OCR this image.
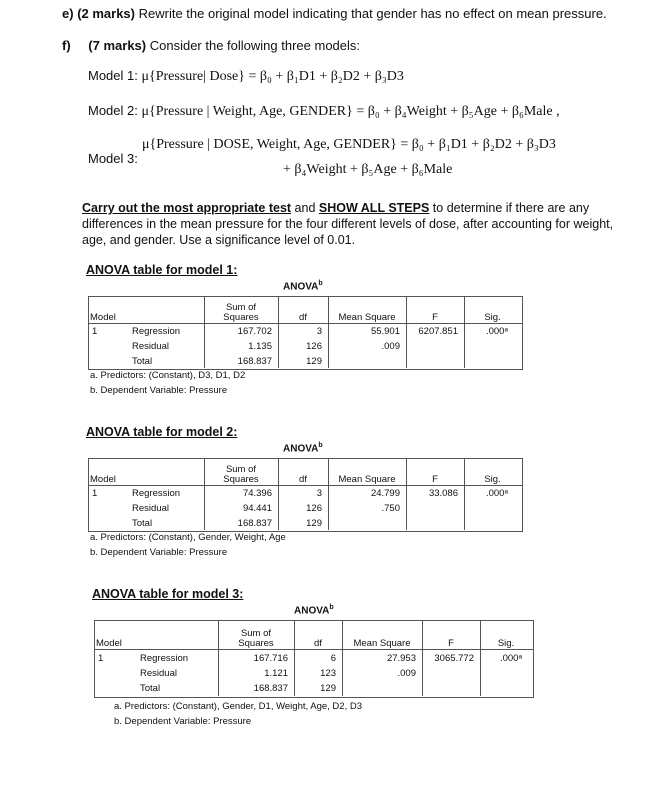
e) (2 marks) Rewrite the original model indicating that gender has no effect on mean pressure.
f) (7 marks) Consider the following three models:
Model 1: μ{Pressure| Dose} = β₀ + β₁D1 + β₂D2 + β₃D3
Model 2: μ{Pressure | Weight, Age, GENDER} = β₀ + β₄Weight + β₅Age + β₆Male ,
Model 3:
μ{Pressure | DOSE, Weight, Age, GENDER} = β₀ + β₁D1 + β₂D2 + β₃D3
+ β₄Weight + β₅Age + β₆Male
Carry out the most appropriate test and SHOW ALL STEPS to determine if there are any differences in the mean pressure for the four different levels of dose, after accounting for weight, age, and gender. Use a significance level of 0.01.
ANOVA table for model 1:
ANOVA$^b$
Model
Sum of
Squares	df	Mean Square	F	Sig.
1	Regression	167.702	3	55.901	6207.851	.000ᵃ
Residual	1.135	126	.009
Total	168.837	129
a. Predictors: (Constant), D3, D1, D2
b. Dependent Variable: Pressure
ANOVA table for model 2:
ANOVA$^b$
Model
Sum of
Squares	df	Mean Square	F	Sig.
1	Regression	74.396	3	24.799	33.086	.000ᵃ
Residual	94.441	126	.750
Total	168.837	129
a. Predictors: (Constant), Gender, Weight, Age
b. Dependent Variable: Pressure
ANOVA table for model 3:
ANOVA$^b$
Model
Sum of
Squares	df	Mean Square	F	Sig.
1	Regression	167.716	6	27.953	3065.772	.000ᵃ
Residual	1.121	123	.009
Total	168.837	129
a. Predictors: (Constant), Gender, D1, Weight, Age, D2, D3
b. Dependent Variable: Pressure
